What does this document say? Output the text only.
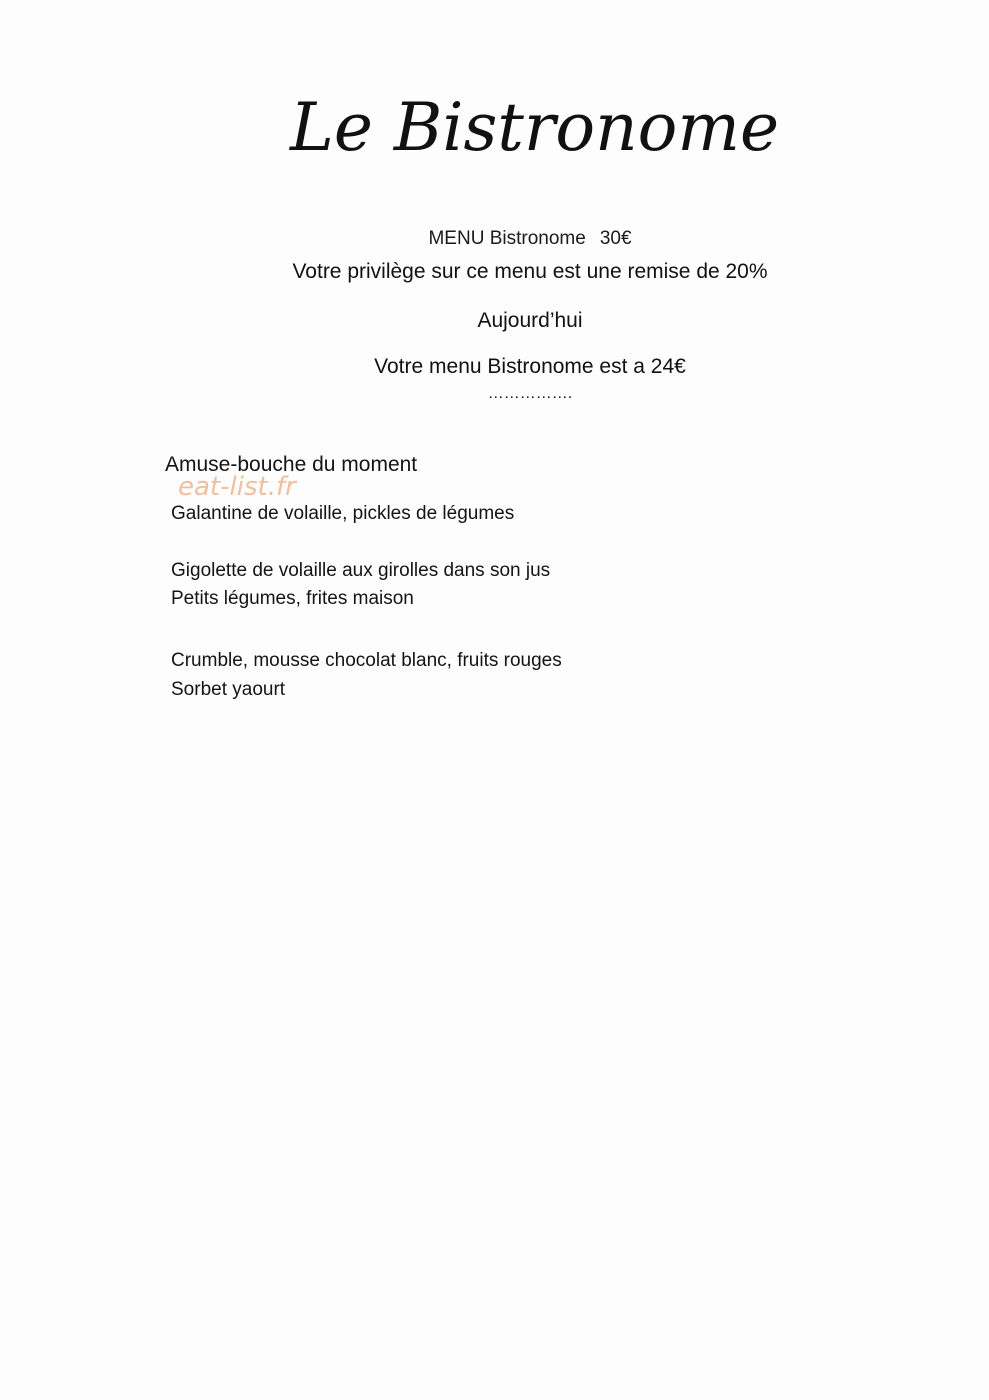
Le Bistronome
MENU Bistronome 30€
Votre privilège sur ce menu est une remise de 20%
Aujourd’hui
Votre menu Bistronome est a 24€
…………….
Amuse-bouche du moment
eat-list.fr
Galantine de volaille, pickles de légumes
Gigolette de volaille aux girolles dans son jus
Petits légumes, frites maison
Crumble, mousse chocolat blanc, fruits rouges
Sorbet yaourt
